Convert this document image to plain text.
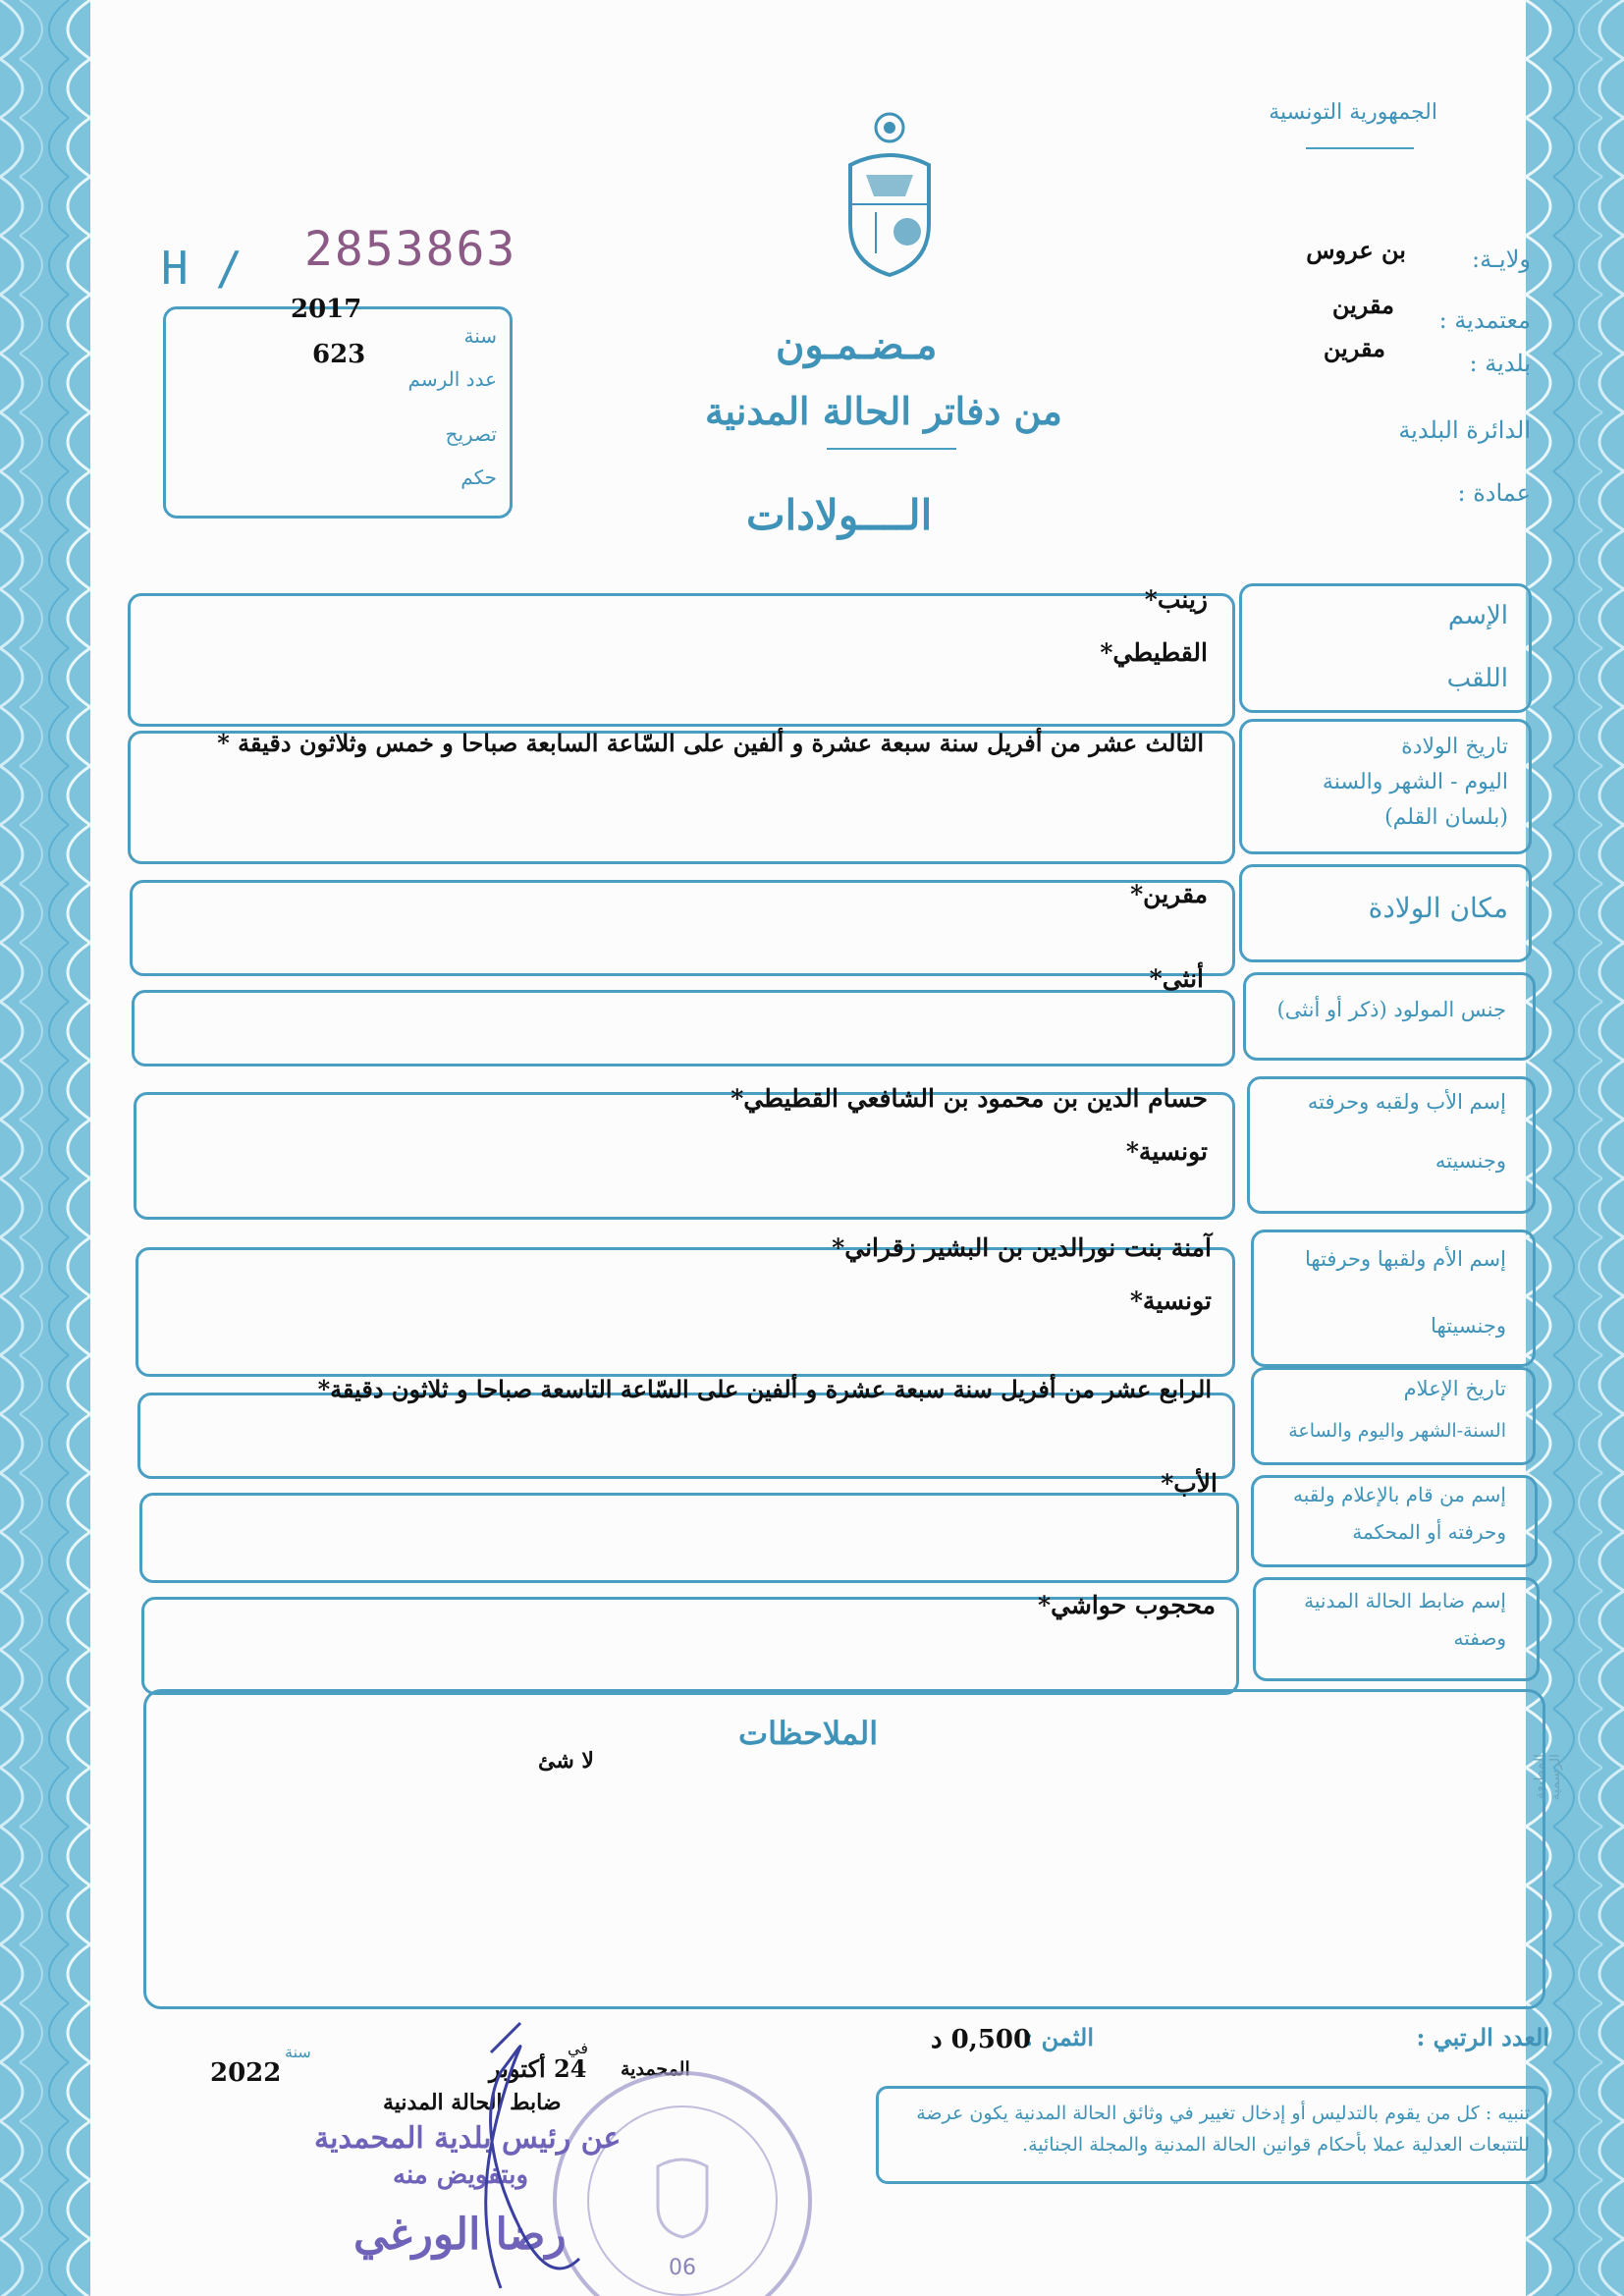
المطبعة الرسمية
الجمهورية التونسية
ولايـة:
بن عروس
معتمدية :
مقرين
بلدية :
مقرين
الدائرة البلدية
عمادة :
H / 2853863
2017
سنة
623
عدد الرسم
تصريح
حكم
مـضـمـون
من دفاتر الحالة المدنية
الــــولادات
الإسم
اللقب
زينب*
القطيطي*
تاريخ الولادة
اليوم - الشهر والسنة
(بلسان القلم)
الثالث عشر من أفريل سنة سبعة عشرة و ألفين على السّاعة السابعة صباحا و خمس وثلاثون دقيقة *
مكان الولادة
مقرين*
جنس المولود (ذكر أو أنثى)
أنثى*
إسم الأب ولقبه وحرفته
وجنسيته
حسام الدين بن محمود بن الشافعي القطيطي*
تونسية*
إسم الأم ولقبها وحرفتها
وجنسيتها
آمنة بنت نورالدين بن البشير زقراني*
تونسية*
تاريخ الإعلام
السنة-الشهر واليوم والساعة
الرابع عشر من أفريل سنة سبعة عشرة و ألفين على السّاعة التاسعة صباحا و ثلاثون دقيقة*
إسم من قام بالإعلام ولقبه
وحرفته أو المحكمة
الأب*
إسم ضابط الحالة المدنية
وصفته
محجوب حواشي*
الملاحظات
لا شئ
العدد الرتبي :
الثمن :
0,500 د
المحمدية
في
24 أكتوبر
سنة
2022
ضابط الحالة المدنية
06
عن رئيس بلدية المحمدية
وبتفويض منه
رضا الورغي
تنبيه : كل من يقوم بالتدليس أو إدخال تغيير في وثائق الحالة المدنية يكون عرضة للتتبعات العدلية عملا بأحكام قوانين الحالة المدنية والمجلة الجنائية.
